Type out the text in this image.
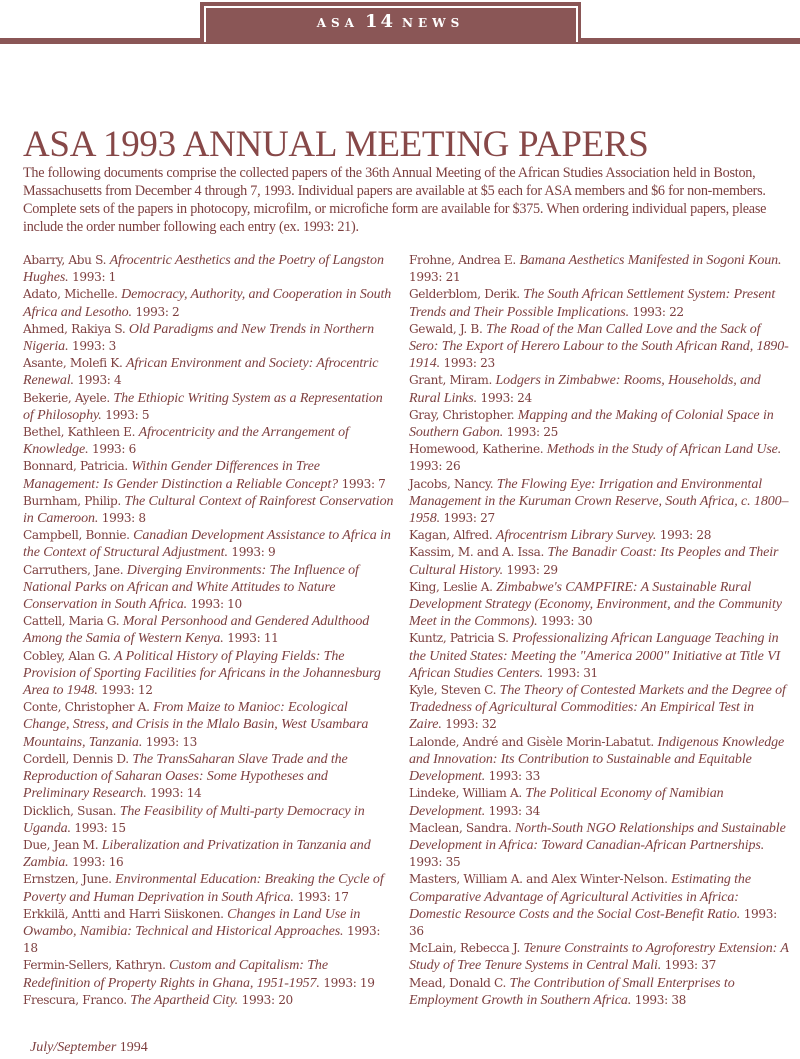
ASA 14 NEWS
ASA 1993 ANNUAL MEETING PAPERS

The following documents comprise the collected papers of the 36th Annual Meeting of the African Studies Association held in Boston, Massachusetts from December 4 through 7, 1993. Individual papers are available at $5 each for ASA members and $6 for non-members. Complete sets of the papers in photocopy, microfilm, or microfiche form are available for $375. When ordering individual papers, please include the order number following each entry (ex. 1993: 21).

Abarry, Abu S. Afrocentric Aesthetics and the Poetry of Langston Hughes. 1993: 1

Adato, Michelle. Democracy, Authority, and Cooperation in South Africa and Lesotho. 1993: 2

Ahmed, Rakiya S. Old Paradigms and New Trends in Northern Nigeria. 1993: 3

Asante, Molefi K. African Environment and Society: Afrocentric Renewal. 1993: 4

Bekerie, Ayele. The Ethiopic Writing System as a Representation of Philosophy. 1993: 5

Bethel, Kathleen E. Afrocentricity and the Arrangement of Knowledge. 1993: 6

Bonnard, Patricia. Within Gender Differences in Tree Management: Is Gender Distinction a Reliable Concept? 1993: 7

Burnham, Philip. The Cultural Context of Rainforest Conservation in Cameroon. 1993: 8

Campbell, Bonnie. Canadian Development Assistance to Africa in the Context of Structural Adjustment. 1993: 9

Carruthers, Jane. Diverging Environments: The Influence of National Parks on African and White Attitudes to Nature Conservation in South Africa. 1993: 10

Cattell, Maria G. Moral Personhood and Gendered Adulthood Among the Samia of Western Kenya. 1993: 11

Cobley, Alan G. A Political History of Playing Fields: The Provision of Sporting Facilities for Africans in the Johannesburg Area to 1948. 1993: 12

Conte, Christopher A. From Maize to Manioc: Ecological Change, Stress, and Crisis in the Mlalo Basin, West Usambara Mountains, Tanzania. 1993: 13

Cordell, Dennis D. The TransSaharan Slave Trade and the Reproduction of Saharan Oases: Some Hypotheses and Preliminary Research. 1993: 14

Dicklich, Susan. The Feasibility of Multi-party Democracy in Uganda. 1993: 15

Due, Jean M. Liberalization and Privatization in Tanzania and Zambia. 1993: 16

Ernstzen, June. Environmental Education: Breaking the Cycle of Poverty and Human Deprivation in South Africa. 1993: 17

Erkkilä, Antti and Harri Siiskonen. Changes in Land Use in Owambo, Namibia: Technical and Historical Approaches. 1993: 18

Fermin-Sellers, Kathryn. Custom and Capitalism: The Redefinition of Property Rights in Ghana, 1951-1957. 1993: 19

Frescura, Franco. The Apartheid City. 1993: 20

Frohne, Andrea E. Bamana Aesthetics Manifested in Sogoni Koun. 1993: 21

Gelderblom, Derik. The South African Settlement System: Present Trends and Their Possible Implications. 1993: 22

Gewald, J. B. The Road of the Man Called Love and the Sack of Sero: The Export of Herero Labour to the South African Rand, 1890-1914. 1993: 23

Grant, Miram. Lodgers in Zimbabwe: Rooms, Households, and Rural Links. 1993: 24

Gray, Christopher. Mapping and the Making of Colonial Space in Southern Gabon. 1993: 25

Homewood, Katherine. Methods in the Study of African Land Use. 1993: 26

Jacobs, Nancy. The Flowing Eye: Irrigation and Environmental Management in the Kuruman Crown Reserve, South Africa, c. 1800–1958. 1993: 27

Kagan, Alfred. Afrocentrism Library Survey. 1993: 28

Kassim, M. and A. Issa. The Banadir Coast: Its Peoples and Their Cultural History. 1993: 29

King, Leslie A. Zimbabwe's CAMPFIRE: A Sustainable Rural Development Strategy (Economy, Environment, and the Community Meet in the Commons). 1993: 30

Kuntz, Patricia S. Professionalizing African Language Teaching in the United States: Meeting the "America 2000" Initiative at Title VI African Studies Centers. 1993: 31

Kyle, Steven C. The Theory of Contested Markets and the Degree of Tradedness of Agricultural Commodities: An Empirical Test in Zaire. 1993: 32

Lalonde, André and Gisèle Morin-Labatut. Indigenous Knowledge and Innovation: Its Contribution to Sustainable and Equitable Development. 1993: 33

Lindeke, William A. The Political Economy of Namibian Development. 1993: 34

Maclean, Sandra. North-South NGO Relationships and Sustainable Development in Africa: Toward Canadian-African Partnerships. 1993: 35

Masters, William A. and Alex Winter-Nelson. Estimating the Comparative Advantage of Agricultural Activities in Africa: Domestic Resource Costs and the Social Cost-Benefit Ratio. 1993: 36

McLain, Rebecca J. Tenure Constraints to Agroforestry Extension: A Study of Tree Tenure Systems in Central Mali. 1993: 37

Mead, Donald C. The Contribution of Small Enterprises to Employment Growth in Southern Africa. 1993: 38

July/September 1994
